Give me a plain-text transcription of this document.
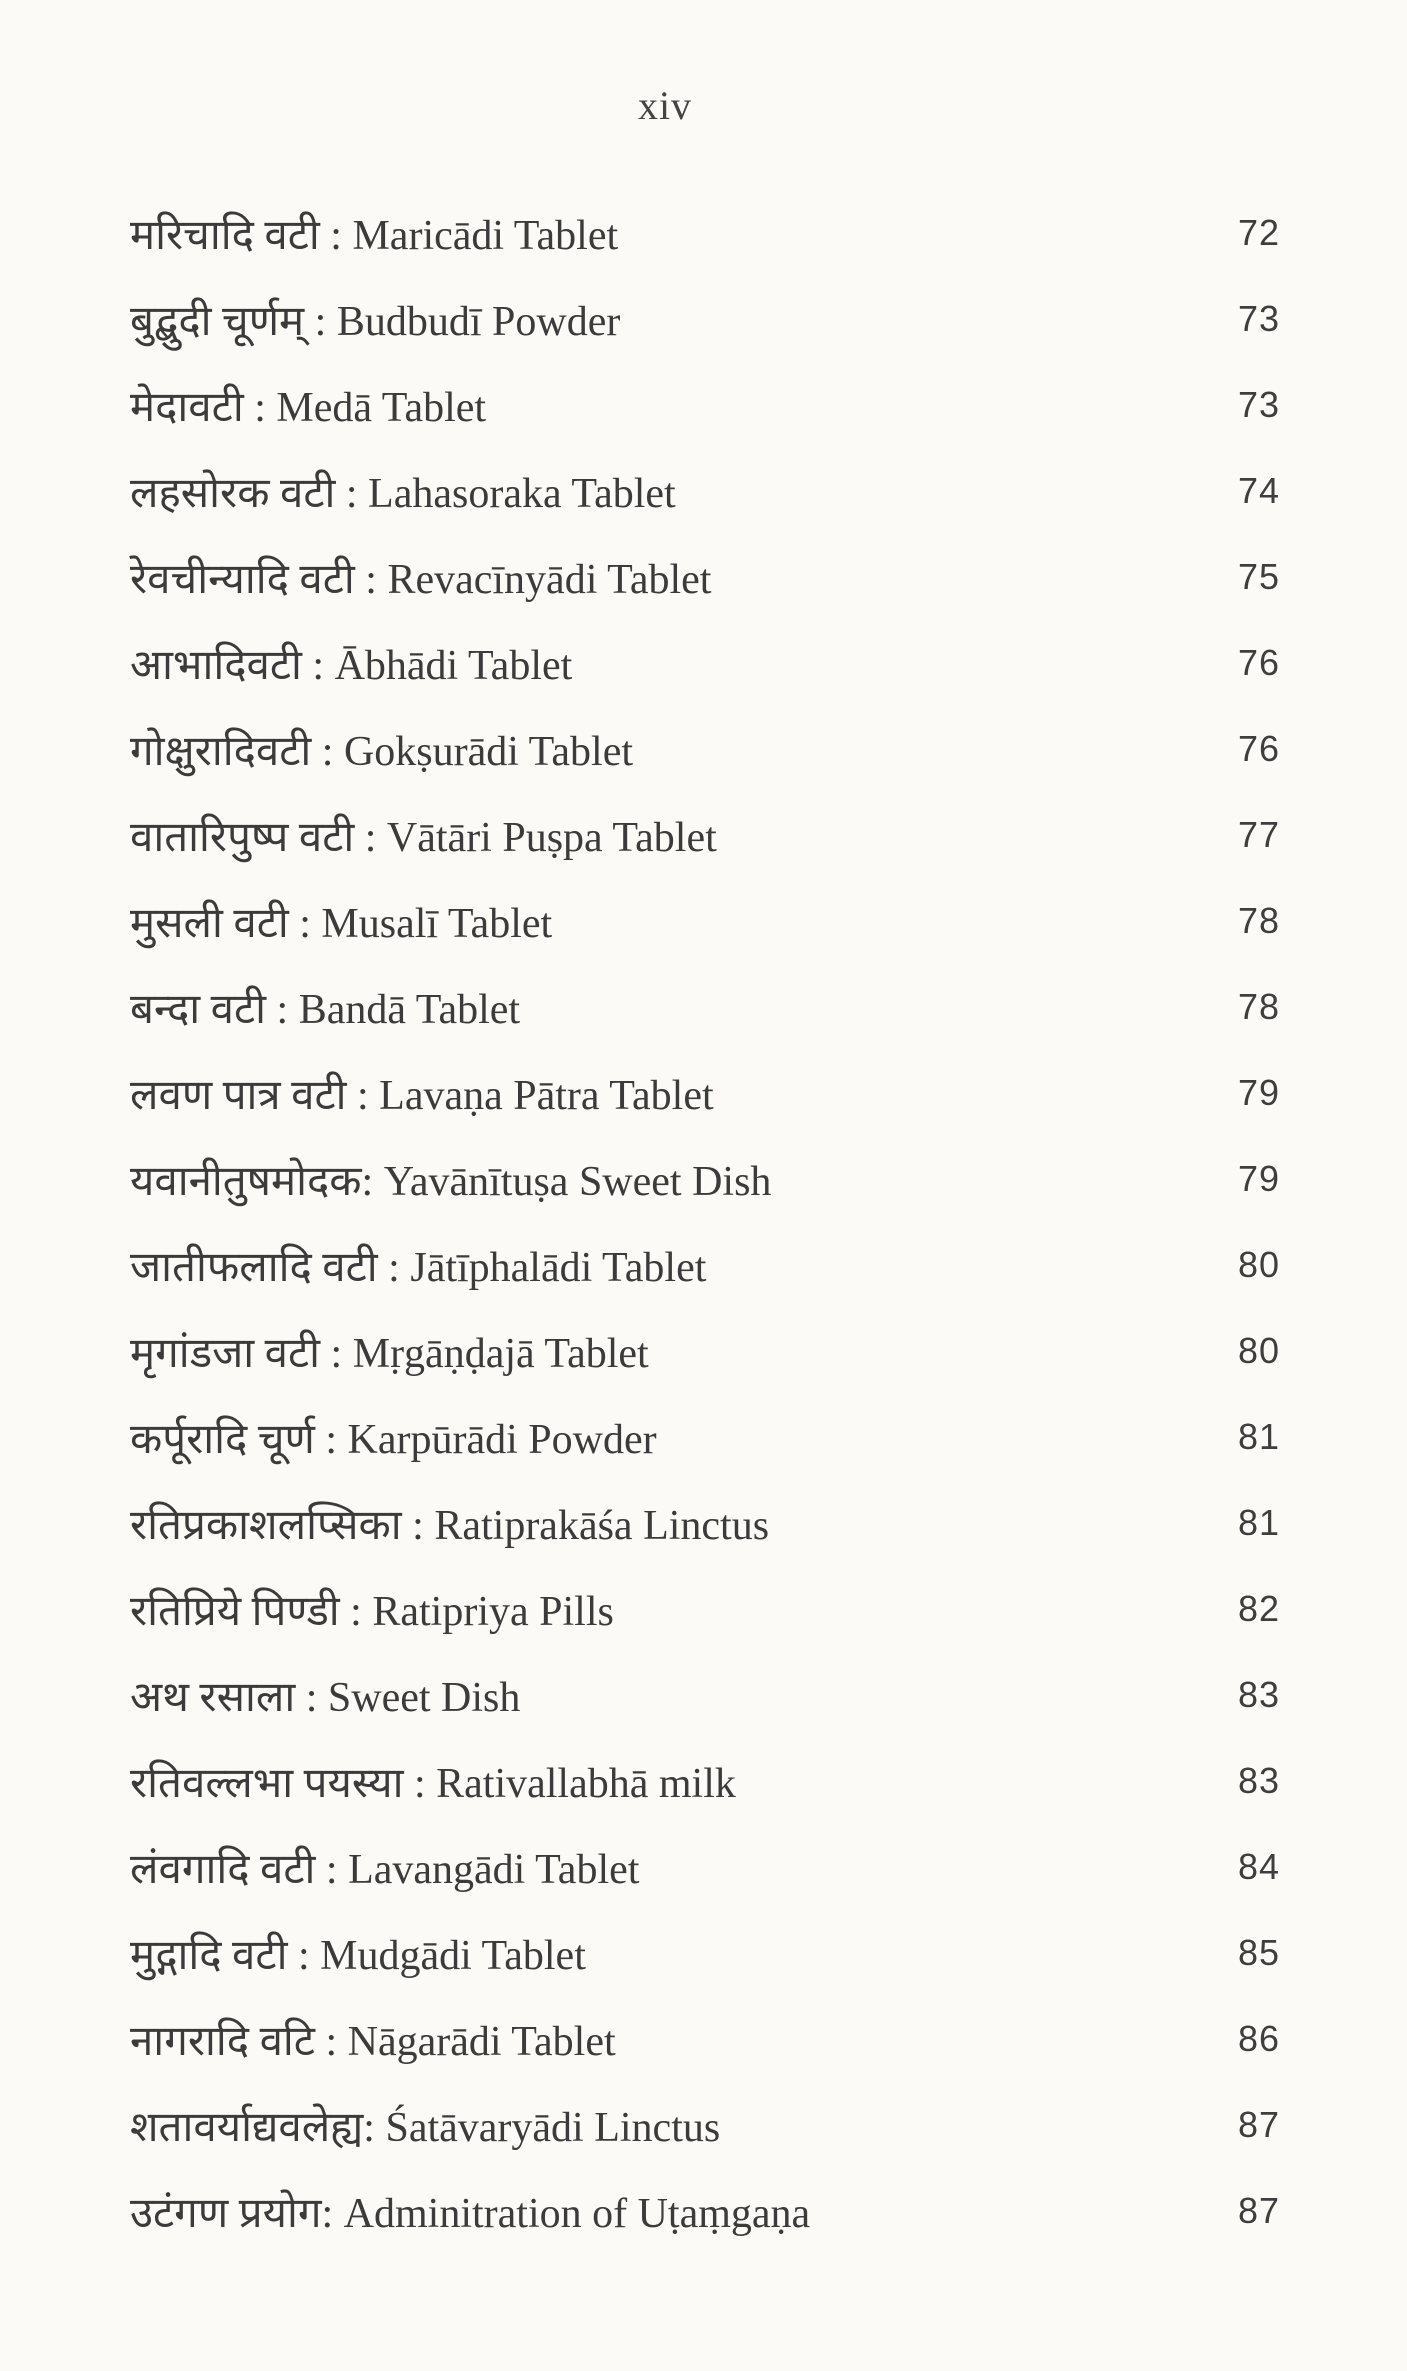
xiv
मरिचादि वटी : Maricādi Tablet	72
बुद्बुदी चूर्णम् : Budbudī Powder	73
मेदावटी : Medā Tablet	73
लहसोरक वटी : Lahasoraka Tablet	74
रेवचीन्यादि वटी : Revacīnyādi Tablet	75
आभादिवटी : Ābhādi Tablet	76
गोक्षुरादिवटी : Gokṣurādi Tablet	76
वातारिपुष्प वटी : Vātāri Puṣpa Tablet	77
मुसली वटी : Musalī Tablet	78
बन्दा वटी : Bandā Tablet	78
लवण पात्र वटी : Lavaṇa Pātra Tablet	79
यवानीतुषमोदक: Yavānītuṣa Sweet Dish	79
जातीफलादि वटी : Jātīphalādi Tablet	80
मृगांडजा वटी : Mṛgāṇḍajā Tablet	80
कर्पूरादि चूर्ण : Karpūrādi Powder	81
रतिप्रकाशलप्सिका : Ratiprakāśa Linctus	81
रतिप्रिये पिण्डी : Ratipriya Pills	82
अथ रसाला : Sweet Dish	83
रतिवल्लभा पयस्या : Rativallabhā milk	83
लंवगादि वटी : Lavangādi Tablet	84
मुद्गादि वटी : Mudgādi Tablet	85
नागरादि वटि : Nāgarādi Tablet	86
शतावर्याद्यवलेह्य: Śatāvaryādi Linctus	87
उटंगण प्रयोग: Adminitration of Uṭaṃgaṇa	87
